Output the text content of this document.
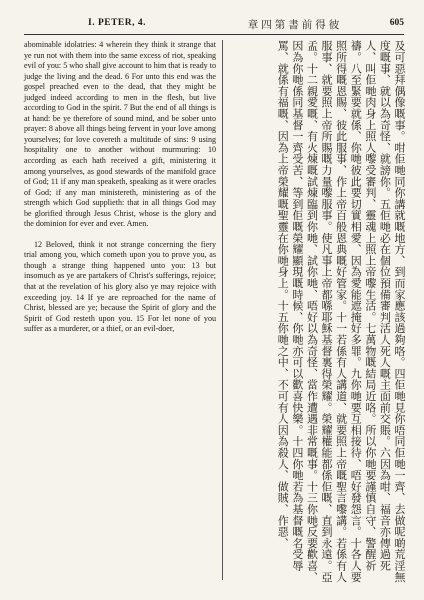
I. PETER, 4.	章四第書前得彼	605

abominable idolatries: 4 wherein they think it strange that ye run not with them into the same excess of riot, speaking evil of you: 5 who shall give account to him that is ready to judge the living and the dead. 6 For unto this end was the gospel preached even to the dead, that they might be judged indeed according to men in the flesh, but live according to God in the spirit. 7 But the end of all things is at hand: be ye therefore of sound mind, and be sober unto prayer: 8 above all things being fervent in your love among yourselves; for love covereth a multitude of sins: 9 using hospitality one to another without murmuring: 10 according as each hath received a gift, ministering it among yourselves, as good stewards of the manifold grace of God; 11 if any man speaketh, speaking as it were oracles of God; if any man ministereth, ministering as of the strength which God supplieth: that in all things God may be glorified through Jesus Christ, whose is the glory and the dominion for ever and ever. Amen.

12 Beloved, think it not strange concerning the fiery trial among you, which cometh upon you to prove you, as though a strange thing happened unto you: 13 but insomuch as ye are partakers of Christ's sufferings, rejoice; that at the revelation of his glory also ye may rejoice with exceeding joy. 14 If ye are reproached for the name of Christ, blessed are ye; because the Spirit of glory and the Spirit of God resteth upon you. 15 For let none of you suffer as a murderer, or a thief, or an evil-doer,	及可惡拜偶像嘅事。咁佢哋同你講就嘅地方、到而家應該過夠咯。四佢哋見你唔同佢哋一齊、去做呢啲荒淫無度嘅事、就以為奇怪、就謗你。五佢哋必在個位預備審判活人死人嘅主面前交賬。六因為咁、福音亦傳過死人、叫佢哋肉身上照人嚟受審判、靈魂上照上帝嚟生活。七萬物嘅結局近咯。所以你哋要謹慎自守、警醒祈禱。八至緊要就係、你哋彼此要切實相愛、因為愛能遮掩好多罪。九你哋要互相接待、唔好發怨言。十各人要照所得嘅恩賜、彼此服事、作上帝百般恩典嘅好管家。十一若係有人講道、就要照上帝嘅聖言嚟講。若係有人服事、就要照上帝所賜嘅力量嚟服事。使凡事上帝都喺耶穌基督裏得榮耀。榮耀權能都係佢嘅、直到永遠。亞孟。十二親愛嘅、有火煉嘅試煉臨到你哋、試你哋、唔好以為奇怪、當作遭遇非常嘅事。十三你哋反要歡喜、因為你哋係同基督一齊受苦、等到佢嘅榮耀顯現嘅時候、你哋亦可以歡喜快樂。十四你哋若為基督嘅名受辱罵、就係有福嘅、因為上帝榮耀嘅聖靈在你哋身上。十五你哋之中、不可有人因為殺人、做賊、作惡、
